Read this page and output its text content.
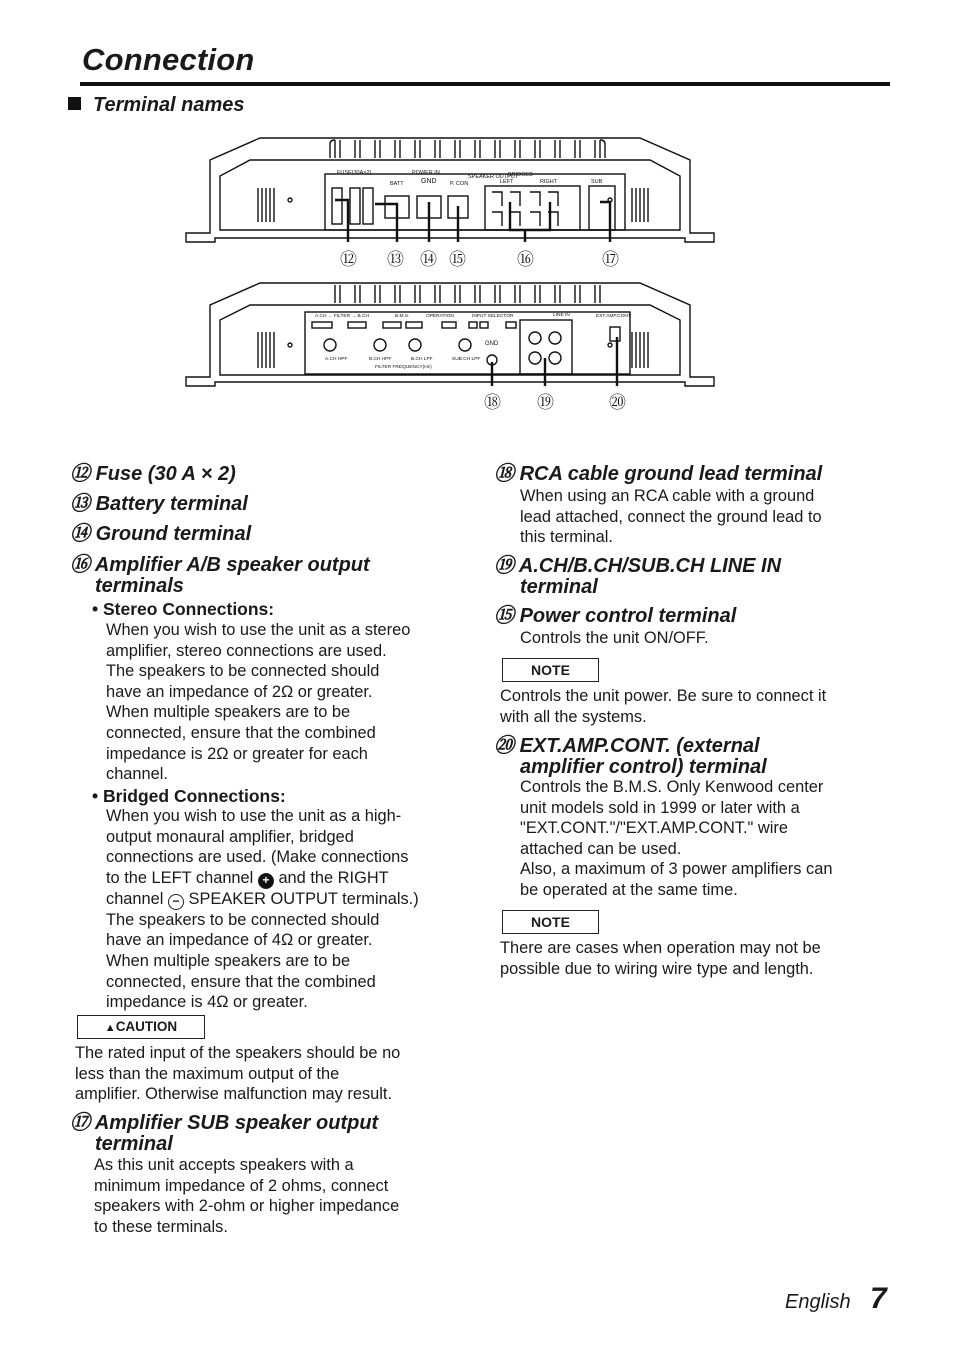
Connection
Terminal names
FUSE(30A×2)	POWER IN
BATT GND P. CON
SPEAKER OUTPUT
BRIDGED
LEFT	RIGHT	SUB
⑫ ⑬ ⑭ ⑮	⑯	⑰
A.CH ← FILTER → B.CH	B.M.S.	OPERATION	INPUT SELECTOR	LINE IN	EXT.AMP.CONT
GND
A.CH HPF	B.CH HPF	B.CH LPF	SUB.CH LPF
FILTER FREQUENCY(Hz)
⑱ ⑲	⑳
⑫ Fuse (30 A × 2)
⑬ Battery terminal
⑭ Ground terminal
⑯ Amplifier A/B speaker output
terminals
• Stereo Connections:
When you wish to use the unit as a stereo
amplifier, stereo connections are used.
The speakers to be connected should
have an impedance of 2Ω or greater.
When multiple speakers are to be
connected, ensure that the combined
impedance is 2Ω or greater for each
channel.
• Bridged Connections:
When you wish to use the unit as a high-
output monaural amplifier, bridged
connections are used. (Make connections
to the LEFT channel + and the RIGHT
channel − SPEAKER OUTPUT terminals.)
The speakers to be connected should
have an impedance of 4Ω or greater.
When multiple speakers are to be
connected, ensure that the combined
impedance is 4Ω or greater.
▲CAUTION
The rated input of the speakers should be no
less than the maximum output of the
amplifier. Otherwise malfunction may result.
⑰ Amplifier SUB speaker output
terminal
As this unit accepts speakers with a
minimum impedance of 2 ohms, connect
speakers with 2-ohm or higher impedance
to these terminals.
⑱ RCA cable ground lead terminal
When using an RCA cable with a ground
lead attached, connect the ground lead to
this terminal.
⑲ A.CH/B.CH/SUB.CH LINE IN
terminal
⑮ Power control terminal
Controls the unit ON/OFF.
NOTE
Controls the unit power. Be sure to connect it
with all the systems.
⑳ EXT.AMP.CONT. (external
amplifier control) terminal
Controls the B.M.S. Only Kenwood center
unit models sold in 1999 or later with a
"EXT.CONT."/"EXT.AMP.CONT." wire
attached can be used.
Also, a maximum of 3 power amplifiers can
be operated at the same time.
NOTE
There are cases when operation may not be
possible due to wiring wire type and length.
English 7
